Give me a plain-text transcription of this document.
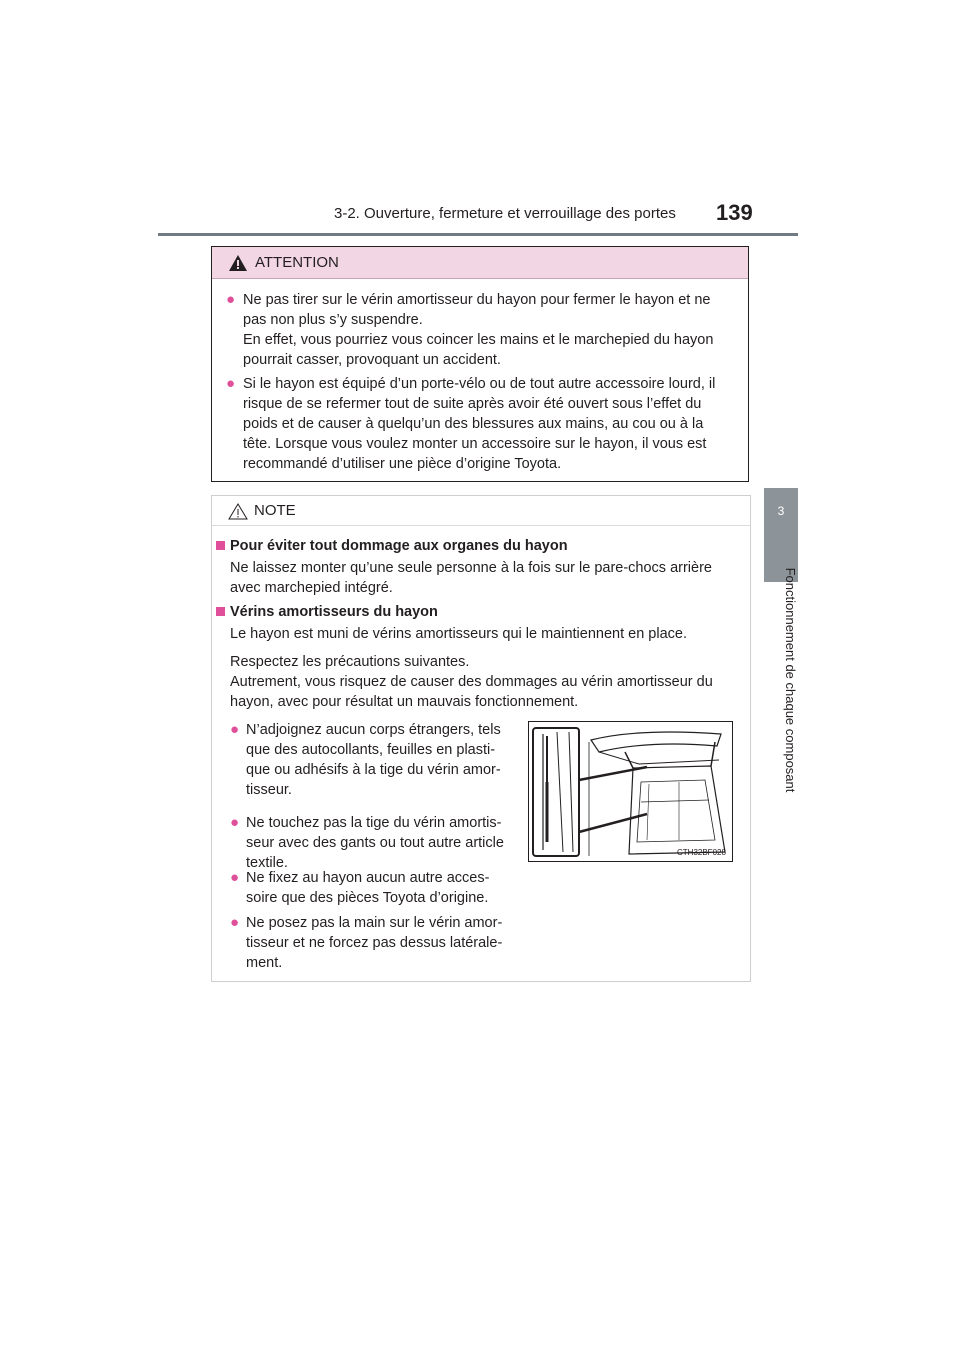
3-2. Ouverture, fermeture et verrouillage des portes 139
3
Fonctionnement de chaque composant
ATTENTION
● Ne pas tirer sur le vérin amortisseur du hayon pour fermer le hayon et ne
pas non plus s’y suspendre.
En effet, vous pourriez vous coincer les mains et le marchepied du hayon
pourrait casser, provoquant un accident.
● Si le hayon est équipé d’un porte-vélo ou de tout autre accessoire lourd, il
risque de se refermer tout de suite après avoir été ouvert sous l’effet du
poids et de causer à quelqu’un des blessures aux mains, au cou ou à la
tête. Lorsque vous voulez monter un accessoire sur le hayon, il vous est
recommandé d’utiliser une pièce d’origine Toyota.
NOTE
Pour éviter tout dommage aux organes du hayon
Ne laissez monter qu’une seule personne à la fois sur le pare-chocs arrière
avec marchepied intégré.
Vérins amortisseurs du hayon
Le hayon est muni de vérins amortisseurs qui le maintiennent en place.
Respectez les précautions suivantes.
Autrement, vous risquez de causer des dommages au vérin amortisseur du
hayon, avec pour résultat un mauvais fonctionnement.
● N’adjoignez aucun corps étrangers, tels
que des autocollants, feuilles en plasti-
que ou adhésifs à la tige du vérin amor-
tisseur.
● Ne touchez pas la tige du vérin amortis-
seur avec des gants ou tout autre article
textile.
● Ne fixez au hayon aucun autre acces-
soire que des pièces Toyota d’origine.
● Ne posez pas la main sur le vérin amor-
tisseur et ne forcez pas dessus latérale-
ment.
CTH32BF028
